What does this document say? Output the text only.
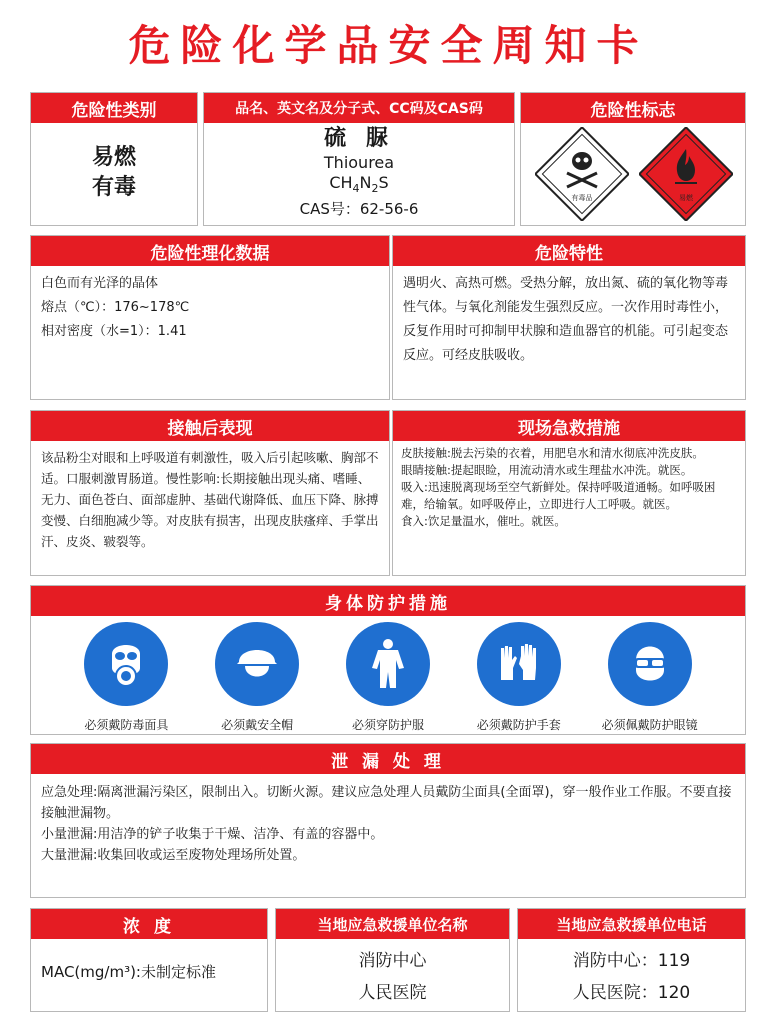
危险化学品安全周知卡
危险性类别
易燃
有毒
品名、英文名及分子式、CC码及CAS码
硫 脲
Thiourea
$CH_4N_2S$
CAS号：62-56-6
危险性标志
有毒品	易燃
危险性理化数据
白色而有光泽的晶体
熔点（℃）：176~178℃
相对密度（水=1）：1.41
危险特性
遇明火、高热可燃。受热分解，放出氮、硫的氧化物等毒性气体。与氧化剂能发生强烈反应。一次作用时毒性小，反复作用时可抑制甲状腺和造血器官的机能。可引起变态反应。可经皮肤吸收。
接触后表现
该品粉尘对眼和上呼吸道有刺激性，吸入后引起咳嗽、胸部不适。口服刺激胃肠道。慢性影响:长期接触出现头痛、嗜睡、无力、面色苍白、面部虚肿、基础代谢降低、血压下降、脉搏变慢、白细胞减少等。对皮肤有损害，出现皮肤瘙痒、手掌出汗、皮炎、皲裂等。
现场急救措施
皮肤接触:脱去污染的衣着，用肥皂水和清水彻底冲洗皮肤。
眼睛接触:提起眼睑，用流动清水或生理盐水冲洗。就医。
吸入:迅速脱离现场至空气新鲜处。保持呼吸道通畅。如呼吸困难，给输氧。如呼吸停止，立即进行人工呼吸。就医。
食入:饮足量温水，催吐。就医。
身体防护措施
必须戴防毒面具	必须戴安全帽	必须穿防护服	必须戴防护手套	必须佩戴防护眼镜
泄 漏 处 理
应急处理:隔离泄漏污染区，限制出入。切断火源。建议应急处理人员戴防尘面具(全面罩)，穿一般作业工作服。不要直接接触泄漏物。
小量泄漏:用洁净的铲子收集于干燥、洁净、有盖的容器中。
大量泄漏:收集回收或运至废物处理场所处置。
浓 度
MAC(mg/m³):未制定标准
当地应急救援单位名称
消防中心
人民医院
当地应急救援单位电话
消防中心：119
人民医院：120
